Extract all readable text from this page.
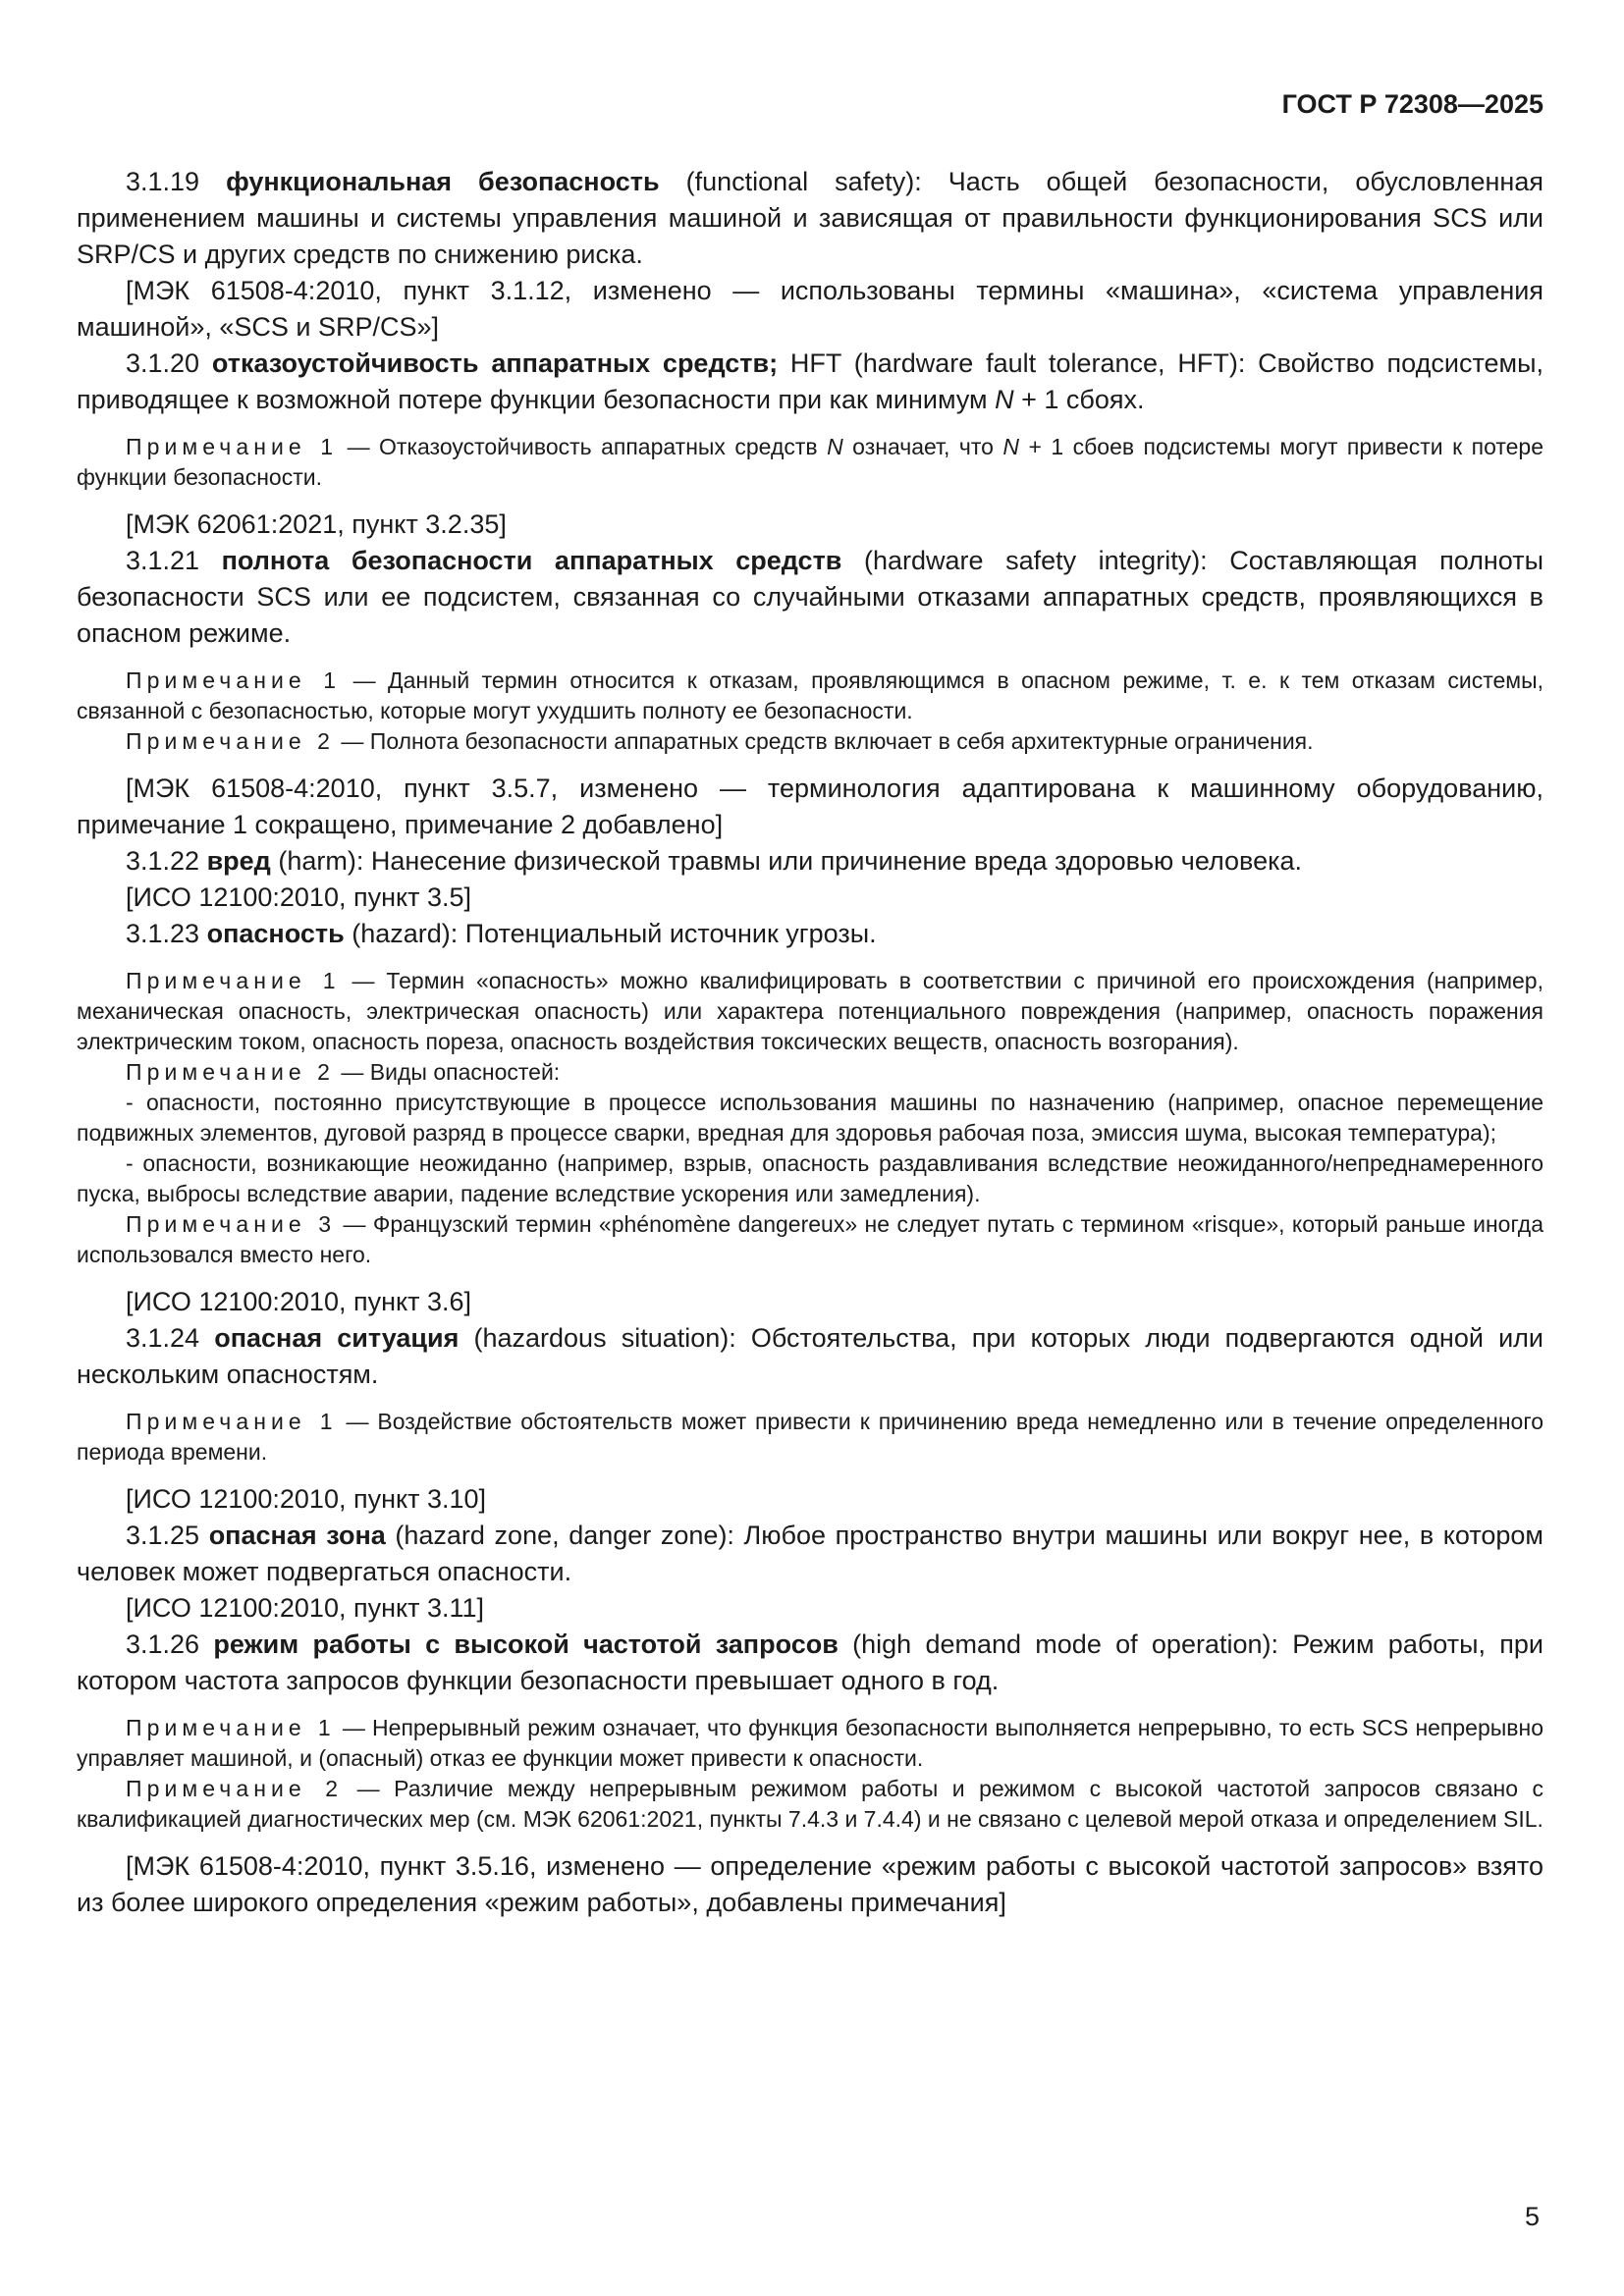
ГОСТ Р 72308—2025

3.1.19 функциональная безопасность (functional safety): Часть общей безопасности, обусловленная применением машины и системы управления машиной и зависящая от правильности функционирования SCS или SRP/CS и других средств по снижению риска.

[МЭК 61508-4:2010, пункт 3.1.12, изменено — использованы термины «машина», «система управления машиной», «SCS и SRP/CS»]

3.1.20 отказоустойчивость аппаратных средств; HFT (hardware fault tolerance, HFT): Свойство подсистемы, приводящее к возможной потере функции безопасности при как минимум N + 1 сбоях.

Примечание 1 — Отказоустойчивость аппаратных средств N означает, что N + 1 сбоев подсистемы могут привести к потере функции безопасности.

[МЭК 62061:2021, пункт 3.2.35]

3.1.21 полнота безопасности аппаратных средств (hardware safety integrity): Составляющая полноты безопасности SCS или ее подсистем, связанная со случайными отказами аппаратных средств, проявляющихся в опасном режиме.

Примечание 1 — Данный термин относится к отказам, проявляющимся в опасном режиме, т. е. к тем отказам системы, связанной с безопасностью, которые могут ухудшить полноту ее безопасности.

Примечание 2 — Полнота безопасности аппаратных средств включает в себя архитектурные ограничения.

[МЭК 61508-4:2010, пункт 3.5.7, изменено — терминология адаптирована к машинному оборудованию, примечание 1 сокращено, примечание 2 добавлено]

3.1.22 вред (harm): Нанесение физической травмы или причинение вреда здоровью человека.

[ИСО 12100:2010, пункт 3.5]

3.1.23 опасность (hazard): Потенциальный источник угрозы.

Примечание 1 — Термин «опасность» можно квалифицировать в соответствии с причиной его происхождения (например, механическая опасность, электрическая опасность) или характера потенциального повреждения (например, опасность поражения электрическим током, опасность пореза, опасность воздействия токсических веществ, опасность возгорания).

Примечание 2 — Виды опасностей:

- опасности, постоянно присутствующие в процессе использования машины по назначению (например, опасное перемещение подвижных элементов, дуговой разряд в процессе сварки, вредная для здоровья рабочая поза, эмиссия шума, высокая температура);

- опасности, возникающие неожиданно (например, взрыв, опасность раздавливания вследствие неожиданного/непреднамеренного пуска, выбросы вследствие аварии, падение вследствие ускорения или замедления).

Примечание 3 — Французский термин «phénomène dangereux» не следует путать с термином «risque», который раньше иногда использовался вместо него.

[ИСО 12100:2010, пункт 3.6]

3.1.24 опасная ситуация (hazardous situation): Обстоятельства, при которых люди подвергаются одной или нескольким опасностям.

Примечание 1 — Воздействие обстоятельств может привести к причинению вреда немедленно или в течение определенного периода времени.

[ИСО 12100:2010, пункт 3.10]

3.1.25 опасная зона (hazard zone, danger zone): Любое пространство внутри машины или вокруг нее, в котором человек может подвергаться опасности.

[ИСО 12100:2010, пункт 3.11]

3.1.26 режим работы с высокой частотой запросов (high demand mode of operation): Режим работы, при котором частота запросов функции безопасности превышает одного в год.

Примечание 1 — Непрерывный режим означает, что функция безопасности выполняется непрерывно, то есть SCS непрерывно управляет машиной, и (опасный) отказ ее функции может привести к опасности.

Примечание 2 — Различие между непрерывным режимом работы и режимом с высокой частотой запросов связано с квалификацией диагностических мер (см. МЭК 62061:2021, пункты 7.4.3 и 7.4.4) и не связано с целевой мерой отказа и определением SIL.

[МЭК 61508-4:2010, пункт 3.5.16, изменено — определение «режим работы с высокой частотой запросов» взято из более широкого определения «режим работы», добавлены примечания]

5
